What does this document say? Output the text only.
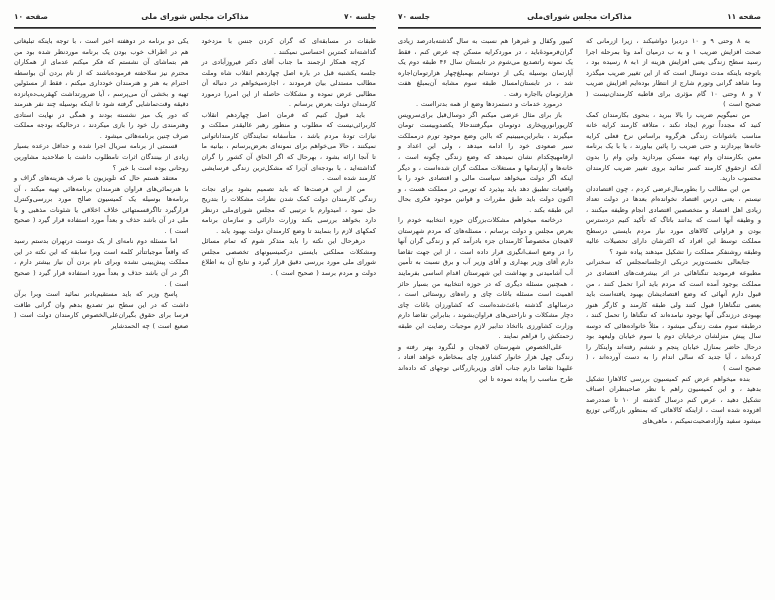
صفحه ۱۱
مذاکرات مجلس شورای‌ملی
جلسه ۷۰

به ۸ وحتی ۹ و ۱۰ دردیرا دواشیکند ، زیرا ازرمانی که صحت افزایش ضریب ۱ و به ب درمیان آمد وتا بمرحله اجرا رسید سطح زندگی یعنی افزایش هزینه از ۱به ۸ رسیده بود ، باتوجه باینکه مدت دوسال است که از این تغییر ضریب میگذرد وما شاهد گرانی وتورم شارج از انتظار بوده‌ایم افزایش ضریب ۷ و ۸ وحتی ۱۰ گام مؤثری برای قاطبه کارمندان‌نیست ( صحیح است )

من نمیگویم ضریب را بالا ببرید ، بنحوی بکارمندان کمک کنید که مجدداً تورم ایجاد نکند ، متلاقه کارمند کرایه خانه مناسب باشوانات زندگی هرگروه براساس نرخ فعلی کرایه خانه‌ها بپردازند و حتی ضریب را پائین بیاورند ، یا با یک برنامه معین بکارمندان وام تهیه مسکن بپردازید واین وام را بدون آنکه ازحقوق کارمند کسر تمائید بروی تغییر ضریب کارمندان محسوب دارید.

من این مطالب را بطورمنال‌عرضی کردم ، چون اقتصاددان نیستم ، یعنی درس اقتصاد نخوانده‌ام بعدها در دولت تعداد زیادی اهل اقتصاد و متخصصین اقتصادی انجام وظیفه میکنند ، و وظیفه آنها است که بدانند باتاگ که تأکید کنیم دردسترس بودن و فراوانی کالاهای مورد نیاز مردم بایستی درسطح مملکت توسط این افراد که اکثرشان دارای تحصیلات عالیه وطبقه روشنفکر مملکت را تشکیل میدهند پیاده شود ؟

جنابعالی نخست‌وزیر دربکی ازجلساتمجلس که سخنرانی مطبوعه فرمودید تنگناهائی در اثر بیشرفت‌های اقتصادی در مملکت بوجود آمده است که مردم باید آنرا تحمل کنند ، من قبول دارم آنهائی که وضع اقتصادیشان بهبود یافته‌است باید بعضی تنگناهارا قبول کنند ولی طبقه کارمند و کارگر هنوز بهبودی درزندگی آنها بوجود نیامده‌اند که تنگناها را تحمل کنند ، درطبقه سوم مفت زندگی میشود ، مثلاً خانواده‌هائی که دوسه سال پیش منزلشان درخیابان دوم یا سوم خیابان ولیعهد بود درحال حاضر بمنازل خیابان پنجم و ششم رفته‌اند واینکار را کرده‌اند ، آیا جدید که سالی اندام را به دست آورده‌اند ، ( صحیح است )

بنده میخواهم عرض کنم کمیسیون بررسی کالاهارا تشکیل بدهید ، و این کمیسیون راهم با نظر صاحبنظران اصناف تشکیل دهید ، عرض کنم درسال گذشته از ۱۰ تا صددرصد افزوده شده است ، ازاینکه کالاهائی که بمنظور بازرگانی توزیع میشود سفید وآزادصحبت‌نمیکنم ، ماهی‌های

کبیور وکفال و غیرهرا هم نسبت به سال گذشته‌بادرصد زیادی گران‌فرمودهٔ‌باید ، در موردکرایه مسکن چه عرض کنم ، فقط یک نمونه راتصدیع می‌شوم در تابستان سال ۴۶ طبقه دوم یک آپارتمان بوسیله یکی از دوستانم بهمبلغ‌چهار هزارتومان‌اجاره شد ، در تابستان‌امسال طبقه سوم مشابه آن‌بمبلغ هفت هزارتومان بااجاره رفت .

درمورد خدمات و دستمزدها وضع از همه بدترااست .

باز برای مثال عرضی میکنم اگر دوسال‌قبل برای‌سرویس کاریورانورویخاری دوتومان میگرفتندحالا یکصدوبیست تومان میگیرند ، بنابراین‌میبینیم که بااین وضع موجود تورم درمملکت سیر صعودی خود را ادامه میدهد ، ولی این اعداد و ارقامهیچکدام نشان نمیدهد که وضع زندگی چگونه است ، خانه‌ها و آپارتمانها و مستغلات مملکت گران شده‌است ، و دیگر اینکه اگر دولت میخواهد سیاست مالی و اقتصادی خود را با واقعیات تطبیق دهد باید بپذیرد که تورمی در مملکت هست ، و اکنون دولت باید طبق مقررات و قوانین موجود فکری بحال این طبقه بکند .

درخاتمه میخواهم مشکلات‌بزرگان حوزه انتخابیه خودم را بعرض مجلس و دولت برسانم ، مسئله‌های که مردم شهرستان لاهیجان مخصوصاً کارمندان جزء بادرآمد کم و زندگی گران آنها را در وضع اسف‌انگیزی قرار داده است ، از این جهت تقاضا دارم آقای وزیر بهداری و آقای وزیر آب و برق نسبت به تأمین آب آشامیدنی و بهداشت این شهرستان اقدام اساسی بفرمایند ، همچنین مسئله دیگری که در حوزه انتخابیه من بسیار حائز اهمیت است مسئله باغات چای و راه‌های روستائی است ، درسالهای گذشته باعث‌شده‌است که کشاورزان باغات چای دچار مشکلات و ناراحتی‌های فراوان‌بشوند ، بنابراین تقاضا دارم وزارت کشاورزی بااتخاذ تدابیر لازم موجبات رضایت این طبقه زحمتکش را فراهم نمایند .

علی‌الخصوص شهرستان لاهیجان و لنگرود بهتر رفته و زندگی چهل هزار خانوار کشاورز چای بمخاطره خواهد افتاد ، علیهذا تقاضا دارم جناب آقای وزیربازرگانی توجهای که داده‌اند طرح مناسب را پیاده نموده تا این

جلسه ۷۰
مذاکرات مجلس شورای ملی
صفحه ۱۰

طبقات در مسابقه‌ای که گران کردن جنس با مزدخود گذاشته‌اند کمترین احساسی نمیکنند .

کرچه همکار ارجمند ما جناب آقای دکتر فیروزآبادی در جلسه یکشنبه قبل در باره اصل چهاردهم انقلاب شاه وملت مطالب مستدلی بیان فرمودند ، اجازه‌میخواهم در دنباله آن مطالبی عرض نموده و مشکلات حاصله از این امررا درمورد کارمندان دولت بعرض برسانم .

باید قبول کنیم که فرمان اصل چهاردهم انقلاب کاربرائی‌نیست که مطلوب و منظور رهبر عالیقدر مملکت و نیازات تودهٔ مردم باشد ، متأسفانه نمایندگان کارمنداناتوانی نمیکنند ، حالا می‌خواهم برای نمونه‌ای بعرض‌برسانم ، بیانیه ما تا آنجا ارائه بشود ، بهرحال که اگر الحاق آن کشور را گران گذاشته‌اید ، با بودجه‌ای آن‌را که مشکل‌ترین زندگی فرسایشی کارمند شده است .

من از این فرصت‌ها که باید تصمیم بشود برای نجات زندگی کارمندان دولت کمک شدن نظرات مشکلات را بتدریج حل نمود ، امیدوارم با ترتیبی که مجلس شورای‌ملی درنظر دارد بخواهد بررسی بکند وزارت دارائی و سازمان برنامه کمکهای لازم را بنمایند تا وضع کارمندان دولت بهبود یابد .

درهرحال این نکته را باید متذکر شوم که تمام مسائل ومشکلات مملکتی بایستی درکمیسیونهای تخصصی مجلس شورای ملی مورد بررسی دقیق قرار گیرد و نتایج آن به اطلاع دولت و مردم برسد ( صحیح است ) .

یکی دو برنامه در دوهفته اخیر است ، با توجه باینکه تبلیغاتی هم در اطراف خوب بودن یک برنامه موردنظر شده بود من هم بتماشای آن نشستم که فکر میکنم عدمای از همکاران محترم نیز سلاحفته فرموده‌باشند که از نام بردن آن بواسطه احترام به هنر و هنرمندان خودداری میکنم ، فقط از مسئولین تهیه و بخشی آن می‌پرسم ، آیا ضرورتداشت کهقریب‌ده‌پانزده دقیقه وقت‌تماشایی گرفته شود تا اینکه بوسیله چند نفر هنرمند که دور یک میز نشسته بودند و همگی در نهایت استادی وهنرمندی رل خود را بازی میکردند ، درحالیکه بودجه مملکت صرف چنین برنامه‌هائی میشود .

قسمتی از برنامه سریال اجرا شده و حداقل درعده بسیار زیادی از بینندگان اثرات نامطلوب داشت با صلاحدید مشاورین روحانی بوده است با خیر ؟

معتقد هستم حال که تلویزیون با صرف هزینه‌های گزاف و با هنرنمائی‌های فراوان هنرمندان برنامه‌هائی تهیه میکند ، آن برنامه‌ها بوسیله یک کمیسیون صالح مورد بررسی‌وکنترل قرارگیرد تااگرقسمتهائی خلاف اخلاقی یا شئونات مذهبی و یا ملی در آن باشد حذف و بعداً مورد استفاده قرار گیرد ( صحیح است ) .

اما مسئله دوم نامه‌ای از یک دوست درتهران بدستم رسید که واقعاً موجباتتأثر کلمه است وبرا سابقه که این نکته در این مملکت پیش‌بینی نشده وبرای نام بردن آن نیاز بیشتر دارم ، اگر در آن باشد حذف و بعداً مورد استفاده قرار گیرد ( صحیح است ) .

پاسخ وزیر که باید مستقیم‌بادبر نمائید است وبرا برآن داشت که در این سطح نیز تصدیع بدهم وان گرانی طاقت فرسا برای حقوق بگیران‌علی‌الخصوص کارمندان دولت است ( صعیع است ) چه الحمدشایر
